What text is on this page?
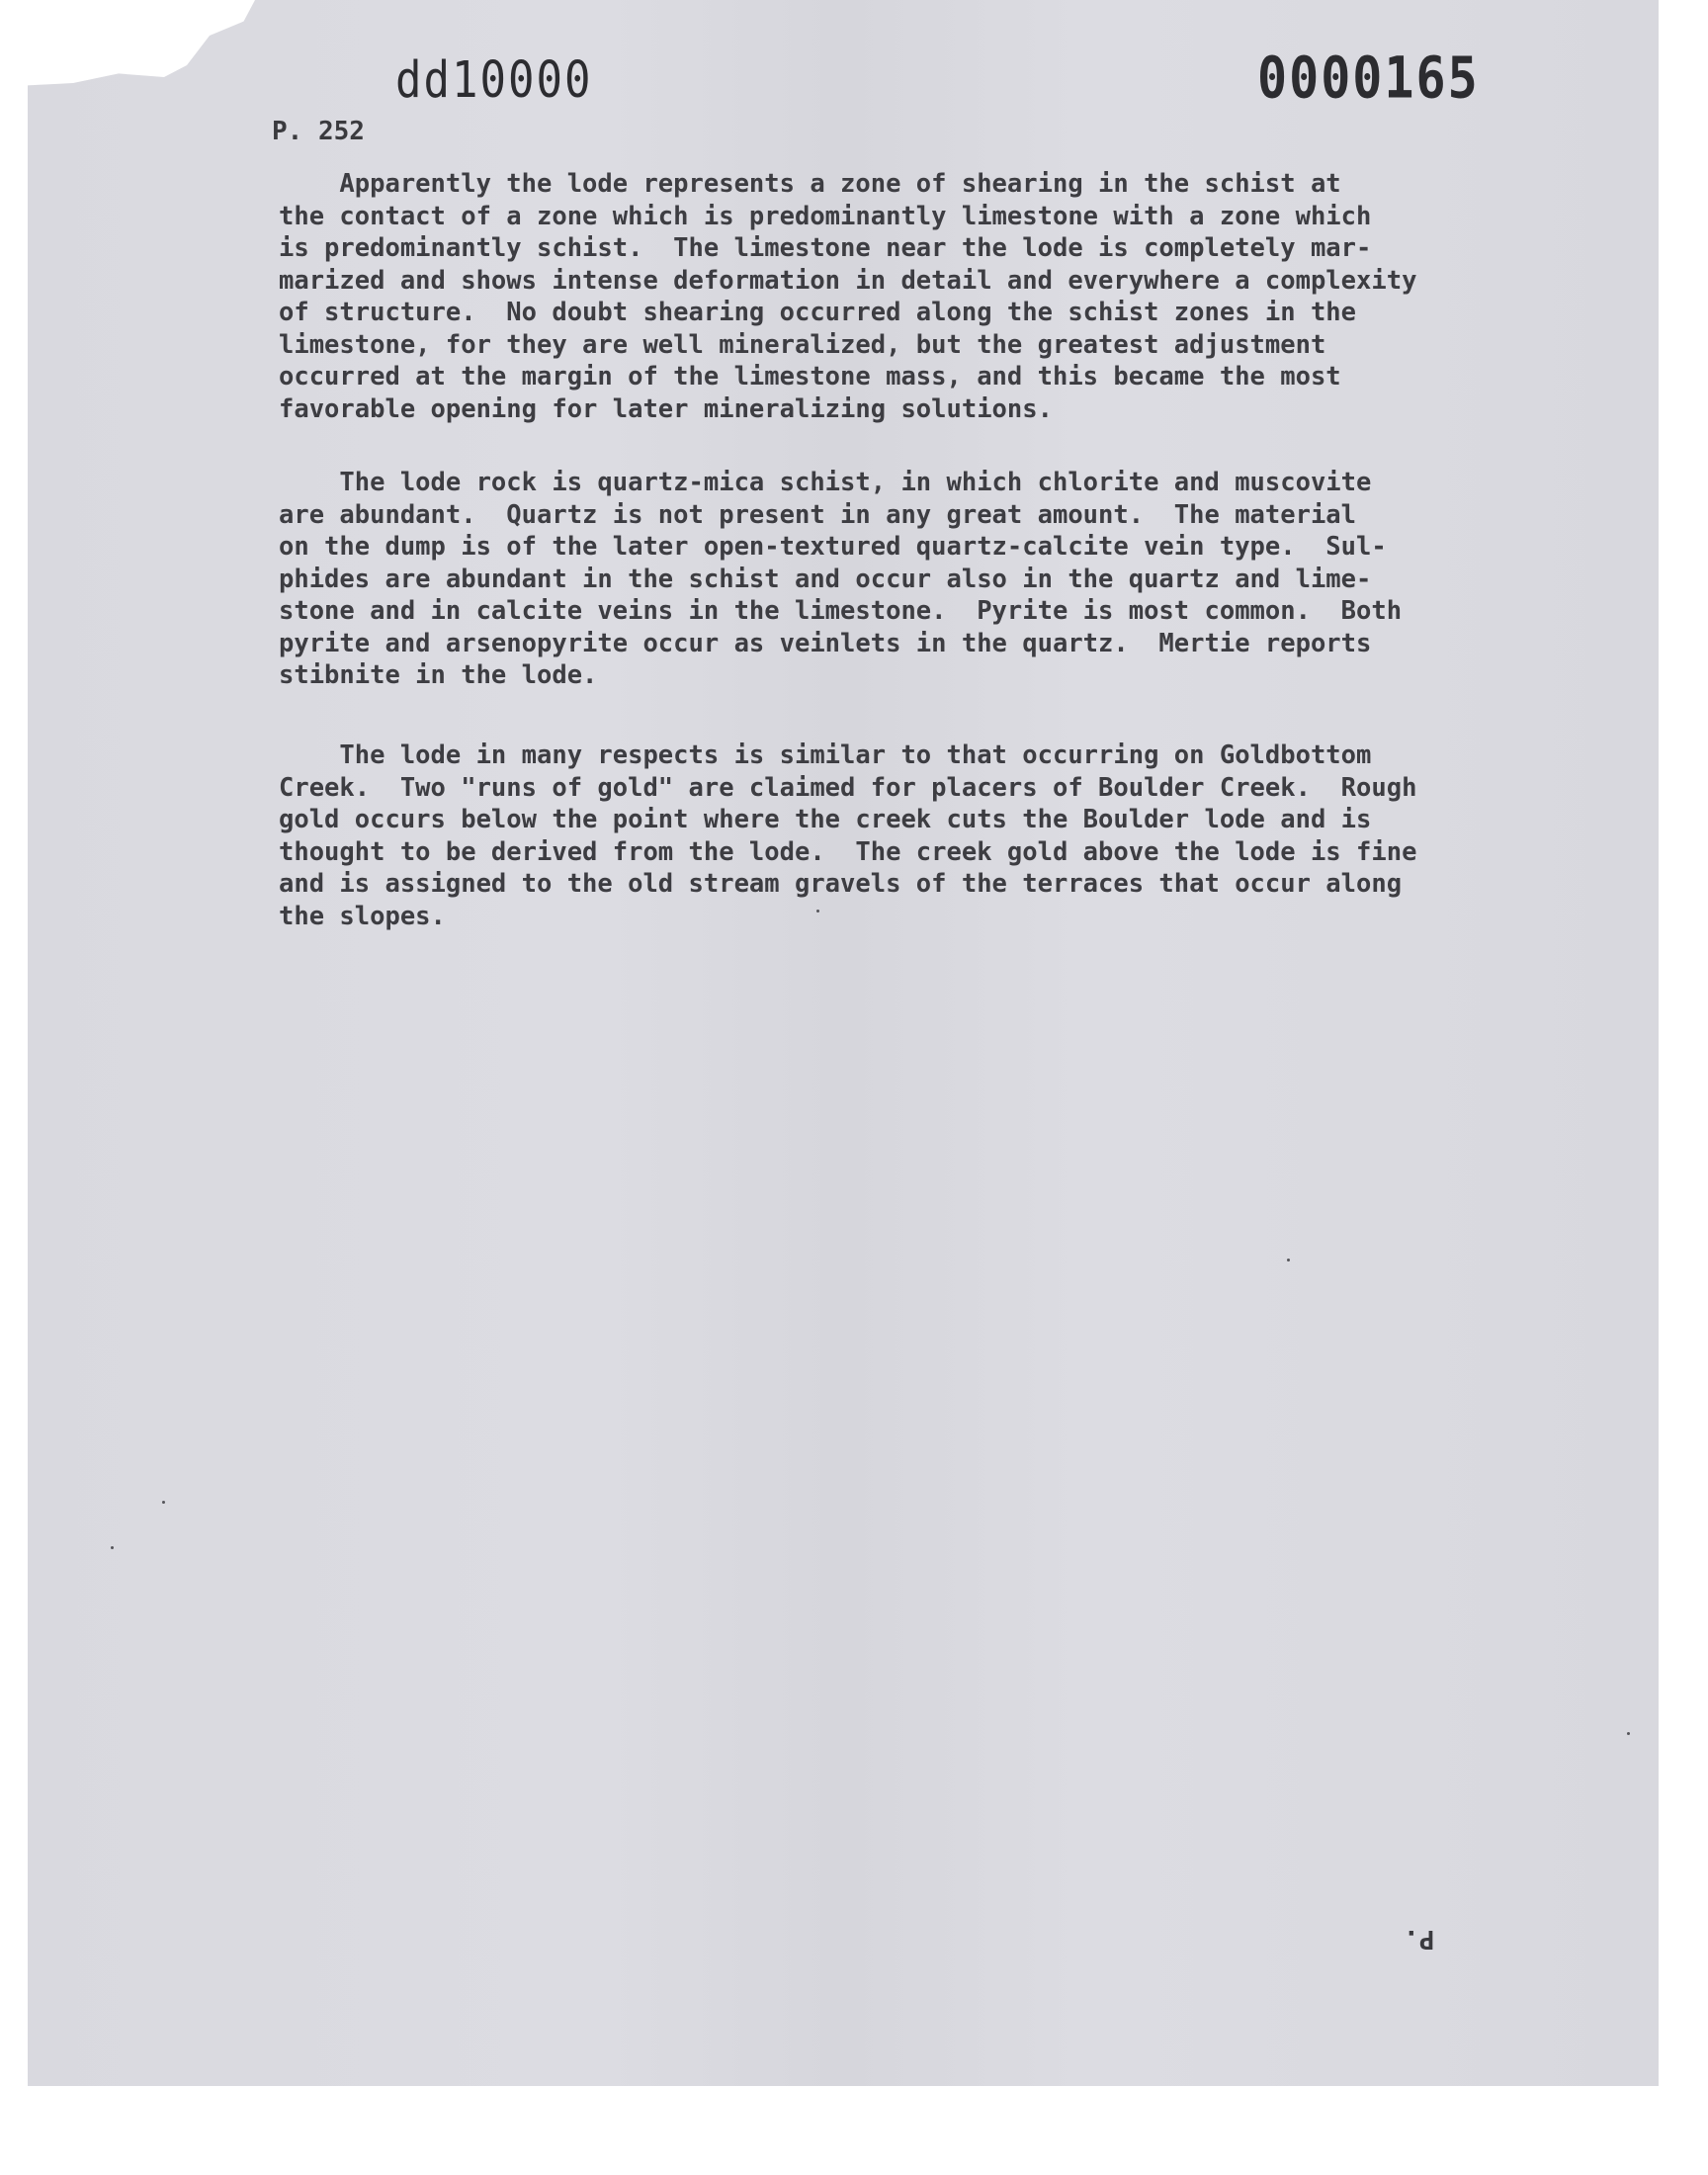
dd10000	0000165
P. 252

Apparently the lode represents a zone of shearing in the schist at
the contact of a zone which is predominantly limestone with a zone which
is predominantly schist.  The limestone near the lode is completely mar-
marized and shows intense deformation in detail and everywhere a complexity
of structure.  No doubt shearing occurred along the schist zones in the
limestone, for they are well mineralized, but the greatest adjustment
occurred at the margin of the limestone mass, and this became the most
favorable opening for later mineralizing solutions.

The lode rock is quartz-mica schist, in which chlorite and muscovite
are abundant.  Quartz is not present in any great amount.  The material
on the dump is of the later open-textured quartz-calcite vein type.  Sul-
phides are abundant in the schist and occur also in the quartz and lime-
stone and in calcite veins in the limestone.  Pyrite is most common.  Both
pyrite and arsenopyrite occur as veinlets in the quartz.  Mertie reports
stibnite in the lode.

The lode in many respects is similar to that occurring on Goldbottom
Creek.  Two "runs of gold" are claimed for placers of Boulder Creek.  Rough
gold occurs below the point where the creek cuts the Boulder lode and is
thought to be derived from the lode.  The creek gold above the lode is fine
and is assigned to the old stream gravels of the terraces that occur along
the slopes.

P.
